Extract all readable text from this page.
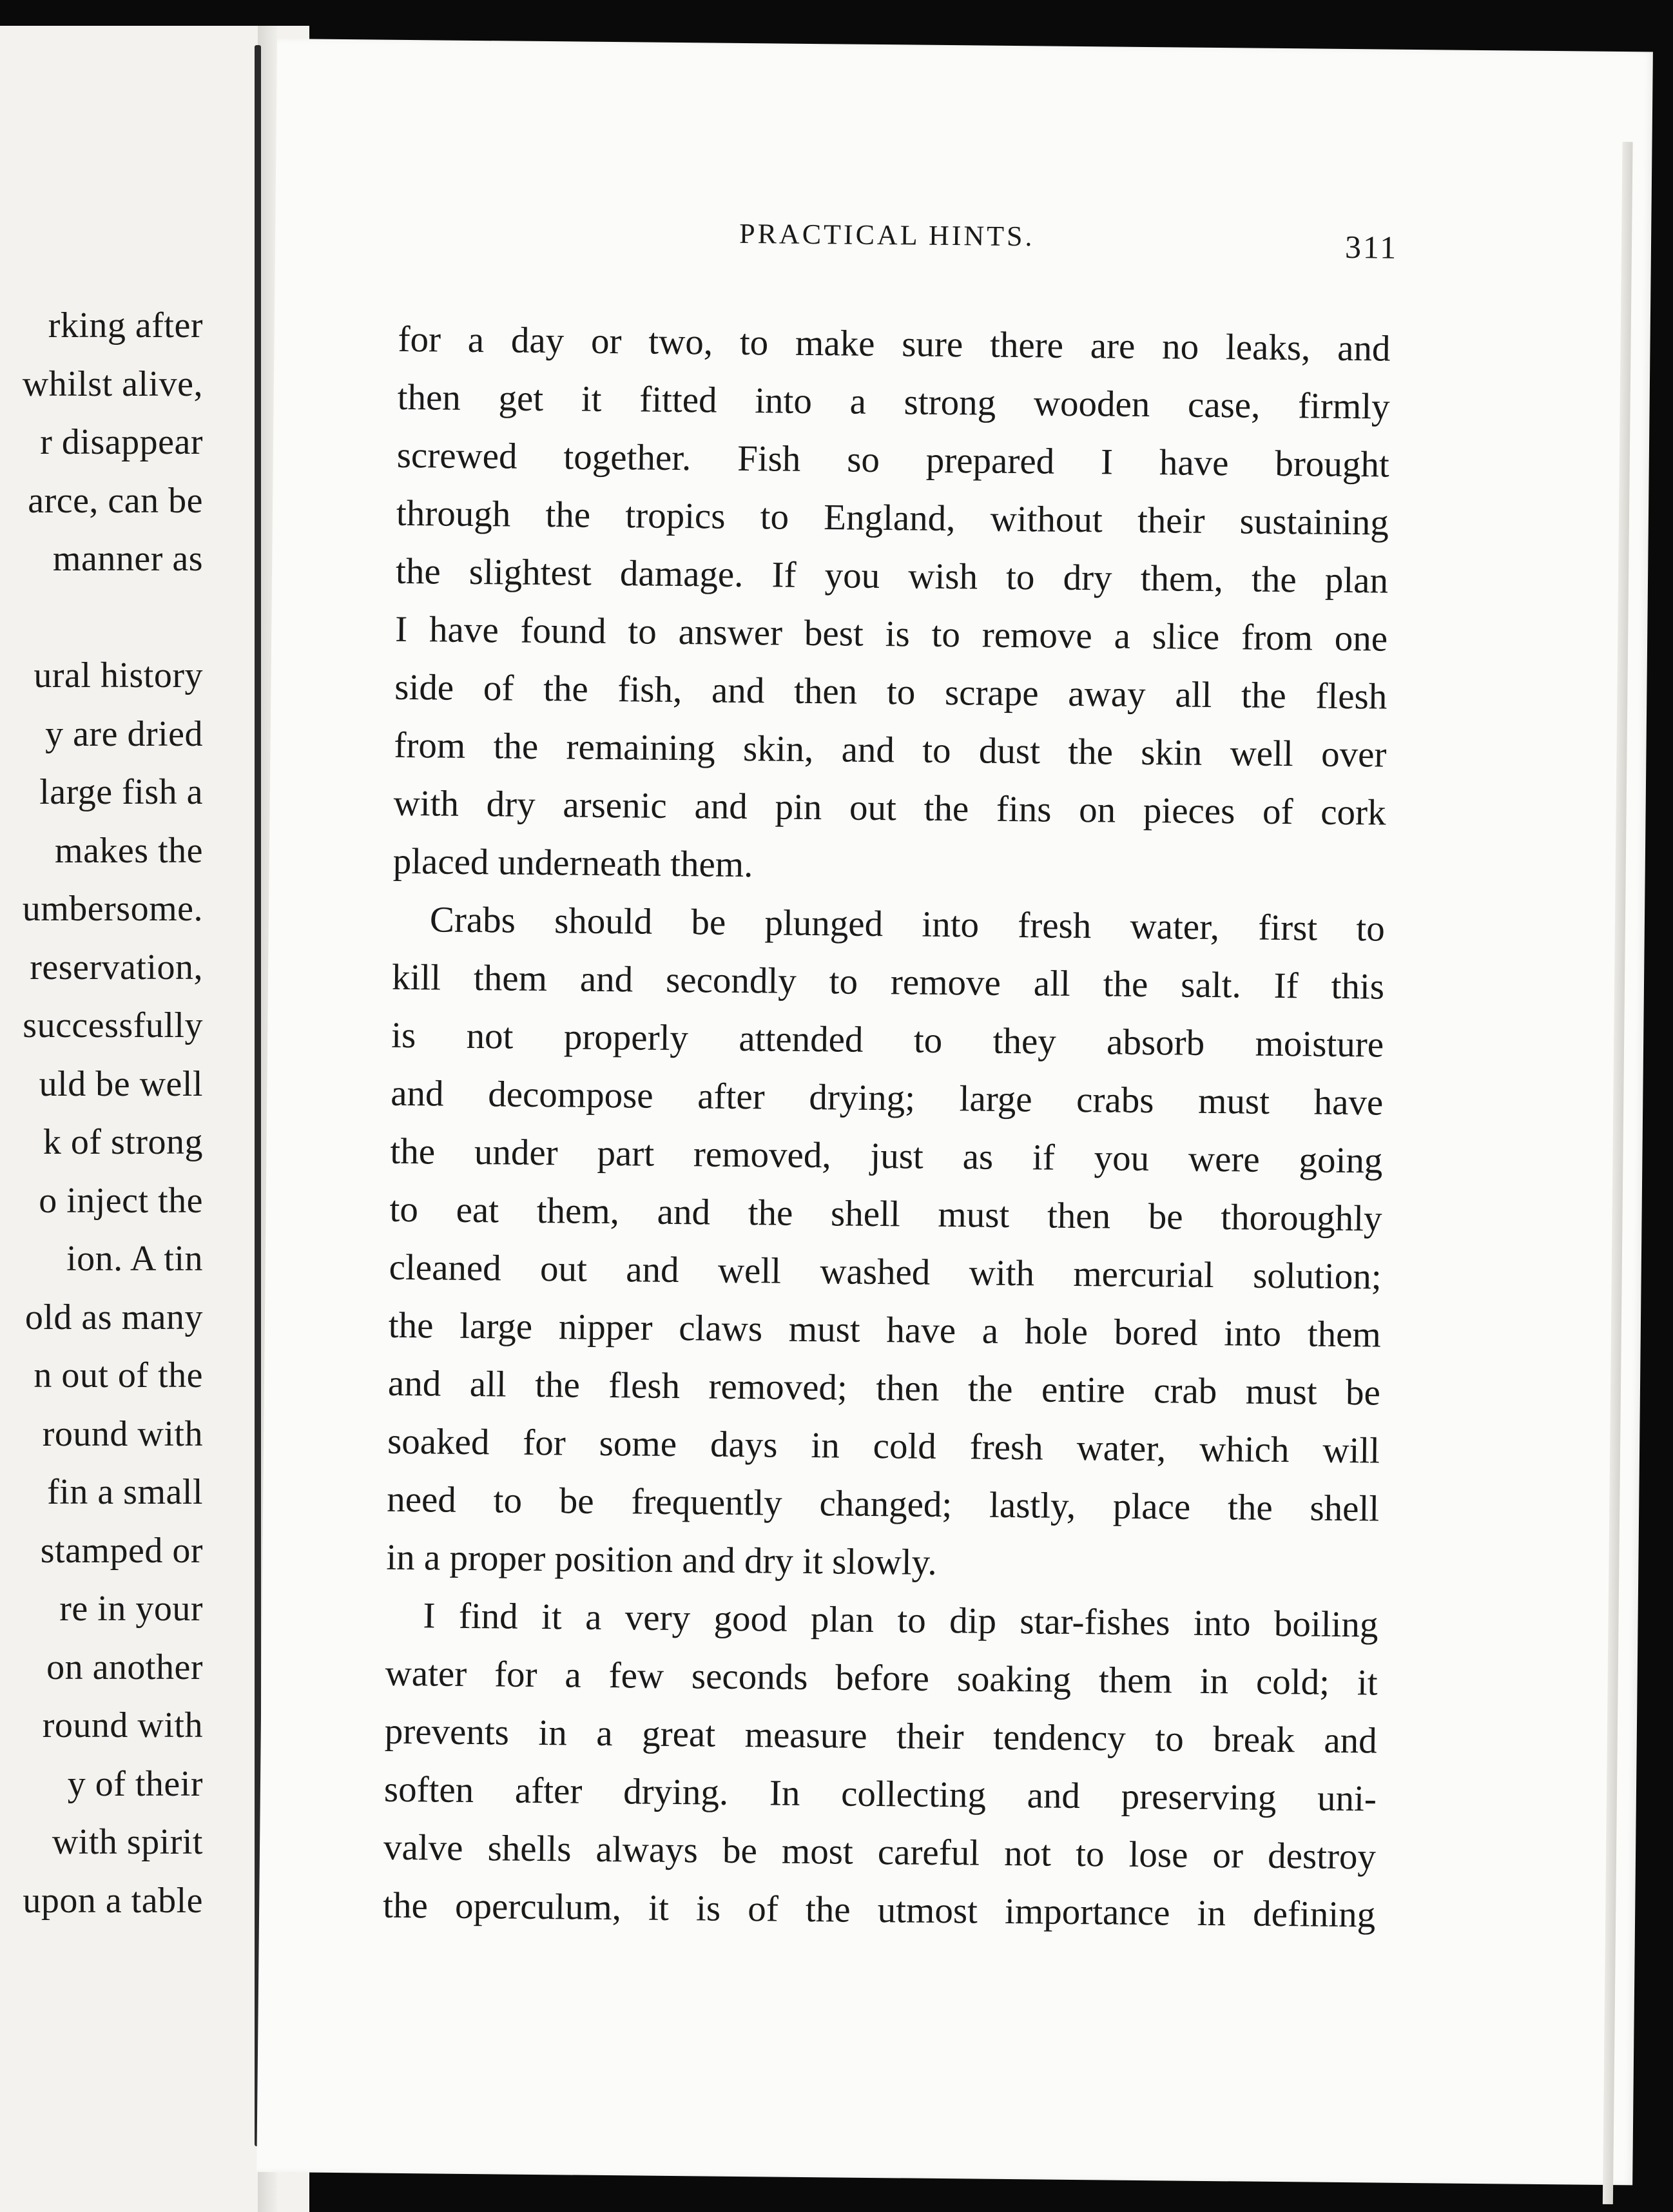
rking after
whilst alive,
r disappear
arce, can be
manner as

ural history
y are dried
large fish a
makes the
umbersome.
reservation,
successfully
uld be well
k of strong
o inject the
ion. A tin
old as many
n out of the
round with
fin a small
stamped or
re in your
on another
round with
y of their
with spirit
upon a table
PRACTICAL HINTS.	311
for a day or two, to make sure there are no leaks, and
then get it fitted into a strong wooden case, firmly
screwed together. Fish so prepared I have brought
through the tropics to England, without their sustaining
the slightest damage. If you wish to dry them, the plan
I have found to answer best is to remove a slice from one
side of the fish, and then to scrape away all the flesh
from the remaining skin, and to dust the skin well over
with dry arsenic and pin out the fins on pieces of cork
placed underneath them.
Crabs should be plunged into fresh water, first to
kill them and secondly to remove all the salt. If this
is not properly attended to they absorb moisture
and decompose after drying; large crabs must have
the under part removed, just as if you were going
to eat them, and the shell must then be thoroughly
cleaned out and well washed with mercurial solution;
the large nipper claws must have a hole bored into them
and all the flesh removed; then the entire crab must be
soaked for some days in cold fresh water, which will
need to be frequently changed; lastly, place the shell
in a proper position and dry it slowly.
I find it a very good plan to dip star-fishes into boiling
water for a few seconds before soaking them in cold; it
prevents in a great measure their tendency to break and
soften after drying. In collecting and preserving uni-
valve shells always be most careful not to lose or destroy
the operculum, it is of the utmost importance in defining
